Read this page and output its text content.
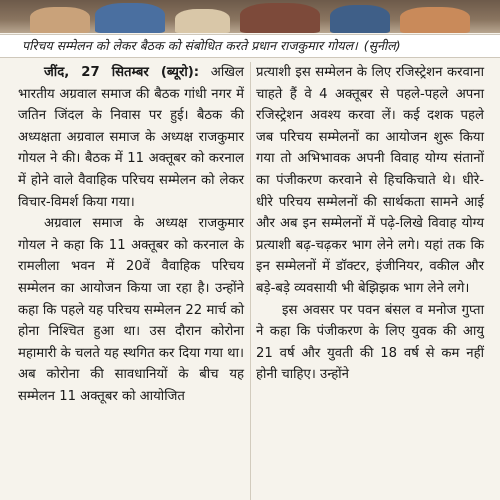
परिचय सम्मेलन को लेकर बैठक को संबोधित करते प्रधान राजकुमार गोयल। (सुनील)

जींद, 27 सितम्बर (ब्यूरो): अखिल भारतीय अग्रवाल समाज की बैठक गांधी नगर में जतिन जिंदल के निवास पर हुई। बैठक की अध्यक्षता अग्रवाल समाज के अध्यक्ष राजकुमार गोयल ने की। बैठक में 11 अक्तूबर को करनाल में होने वाले वैवाहिक परिचय सम्मेलन को लेकर विचार-विमर्श किया गया।

अग्रवाल समाज के अध्यक्ष राजकुमार गोयल ने कहा कि 11 अक्तूबर को करनाल के रामलीला भवन में 20वें वैवाहिक परिचय सम्मेलन का आयोजन किया जा रहा है। उन्होंने कहा कि पहले यह परिचय सम्मेलन 22 मार्च को होना निश्चित हुआ था। उस दौरान कोरोना महामारी के चलते यह स्थगित कर दिया गया था। अब कोरोना की सावधानियों के बीच यह सम्मेलन 11 अक्तूबर को आयोजित

प्रत्याशी इस सम्मेलन के लिए रजिस्ट्रेशन करवाना चाहते हैं वे 4 अक्तूबर से पहले-पहले अपना रजिस्ट्रेशन अवश्य करवा लें। कई दशक पहले जब परिचय सम्मेलनों का आयोजन शुरू किया गया तो अभिभावक अपनी विवाह योग्य संतानों का पंजीकरण करवाने से हिचकिचाते थे। धीरे-धीरे परिचय सम्मेलनों की सार्थकता सामने आई और अब इन सम्मेलनों में पढ़े-लिखे विवाह योग्य प्रत्याशी बढ़-चढ़कर भाग लेने लगे। यहां तक कि इन सम्मेलनों में डॉक्टर, इंजीनियर, वकील और बड़े-बड़े व्यवसायी भी बेझिझक भाग लेने लगे।

इस अवसर पर पवन बंसल व मनोज गुप्ता ने कहा कि पंजीकरण के लिए युवक की आयु 21 वर्ष और युवती की 18 वर्ष से कम नहीं होनी चाहिए। उन्होंने
